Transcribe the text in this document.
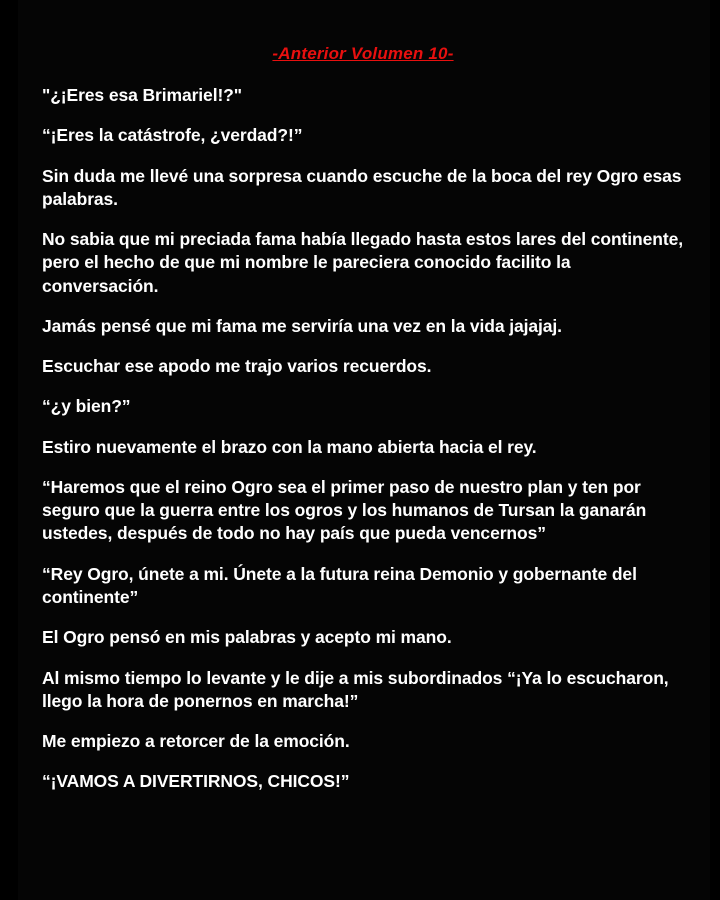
-Anterior Volumen 10-

"¿¡Eres esa Brimariel!?"

“¡Eres la catástrofe, ¿verdad?!”

Sin duda me llevé una sorpresa cuando escuche de la boca del rey Ogro esas palabras.

No sabia que mi preciada fama había llegado hasta estos lares del continente, pero el hecho de que mi nombre le pareciera conocido facilito la conversación.

Jamás pensé que mi fama me serviría una vez en la vida jajajaj.

Escuchar ese apodo me trajo varios recuerdos.

“¿y bien?”

Estiro nuevamente el brazo con la mano abierta hacia el rey.

“Haremos que el reino Ogro sea el primer paso de nuestro plan y ten por seguro que la guerra entre los ogros y los humanos de Tursan la ganarán ustedes, después de todo no hay país que pueda vencernos”

“Rey Ogro, únete a mi. Únete a la futura reina Demonio y gobernante del continente”

El Ogro pensó en mis palabras y acepto mi mano.

Al mismo tiempo lo levante y le dije a mis subordinados “¡Ya lo escucharon, llego la hora de ponernos en marcha!”

Me empiezo a retorcer de la emoción.

“¡VAMOS A DIVERTIRNOS, CHICOS!”
